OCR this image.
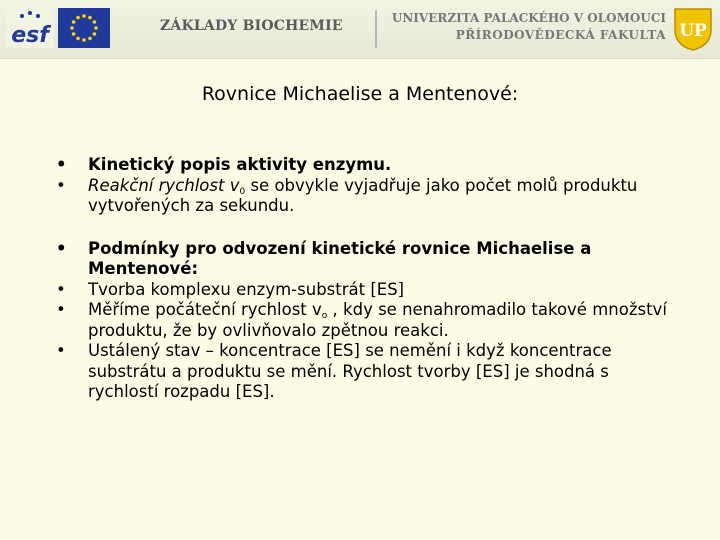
esf	ZÁKLADY BIOCHEMIE	UNIVERZITA PALACKÉHO V OLOMOUCI
PŘÍRODOVĚDECKÁ FAKULTA UP
Rovnice Michaelise a Mentenové:
•	Kinetický popis aktivity enzymu.
•	Reakční rychlost $v_0$ se obvykle vyjadřuje jako počet molů produktu vytvořených za sekundu.
•	Podmínky pro odvození kinetické rovnice Michaelise a Mentenové:
•	Tvorba komplexu enzym-substrát [ES]
•	Měříme počáteční rychlost $v_o$ , kdy se nenahromadilo takové množství produktu, že by ovlivňovalo zpětnou reakci.
•	Ustálený stav – koncentrace [ES] se nemění i když koncentrace substrátu a produktu se mění. Rychlost tvorby [ES] je shodná s rychlostí rozpadu [ES].
